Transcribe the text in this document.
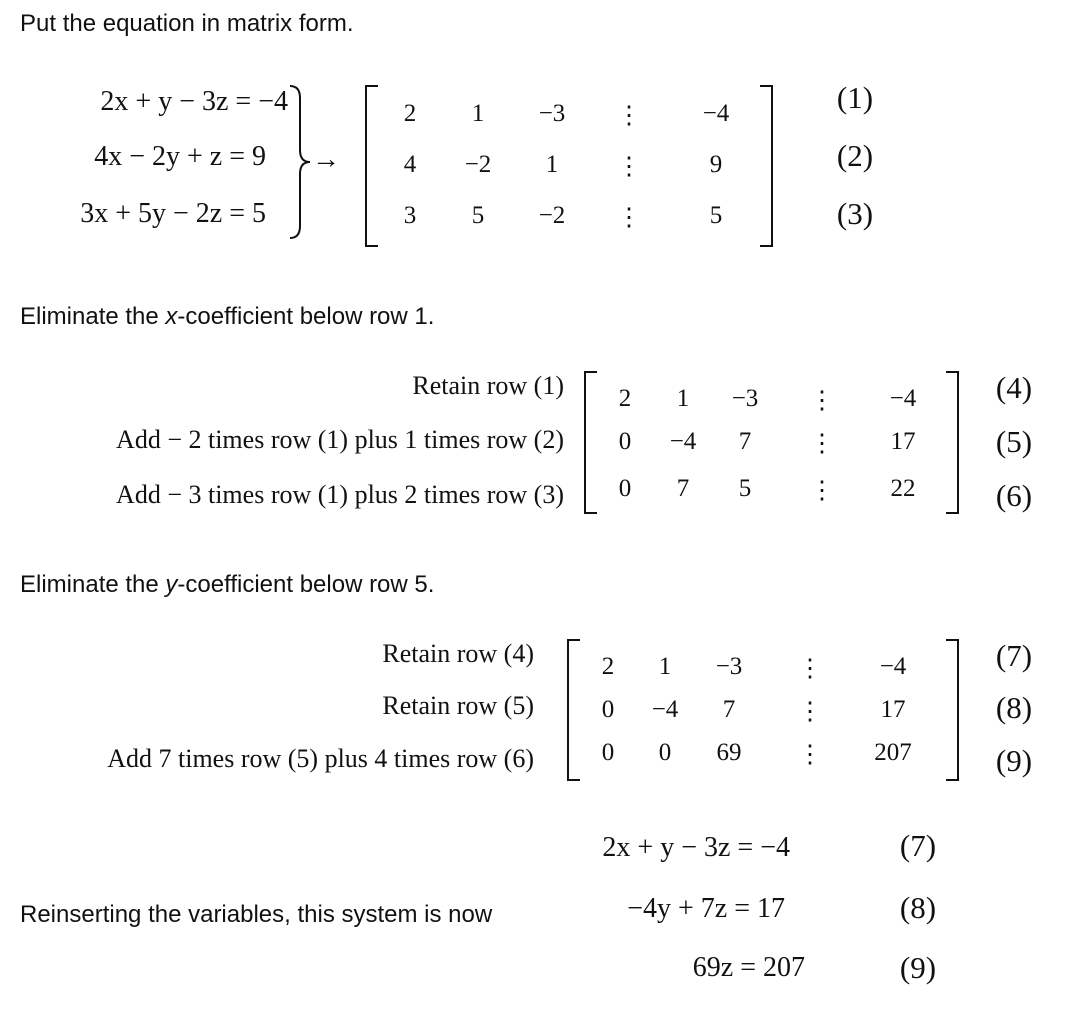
Put the equation in matrix form.
2x + y − 3z = −4
4x − 2y + z = 9
3x + 5y − 2z = 5
→
2	1	−3	⋮	−4
4	−2	1	⋮	9
3	5	−2	⋮	5
(1)
(2)
(3)
Eliminate the x-coefficient below row 1.
Retain row (1)
Add − 2 times row (1) plus 1 times row (2)
Add − 3 times row (1) plus 2 times row (3)
2	1	−3	⋮	−4
0	−4	7	⋮	17
0	7	5	⋮	22
(4)
(5)
(6)
Eliminate the y-coefficient below row 5.
Retain row (4)
Retain row (5)
Add 7 times row (5) plus 4 times row (6)
2	1	−3	⋮	−4
0	−4	7	⋮	17
0	0	69	⋮	207
(7)
(8)
(9)
Reinserting the variables, this system is now
2x + y − 3z = −4
−4y + 7z = 17
69z = 207
(7)
(8)
(9)
